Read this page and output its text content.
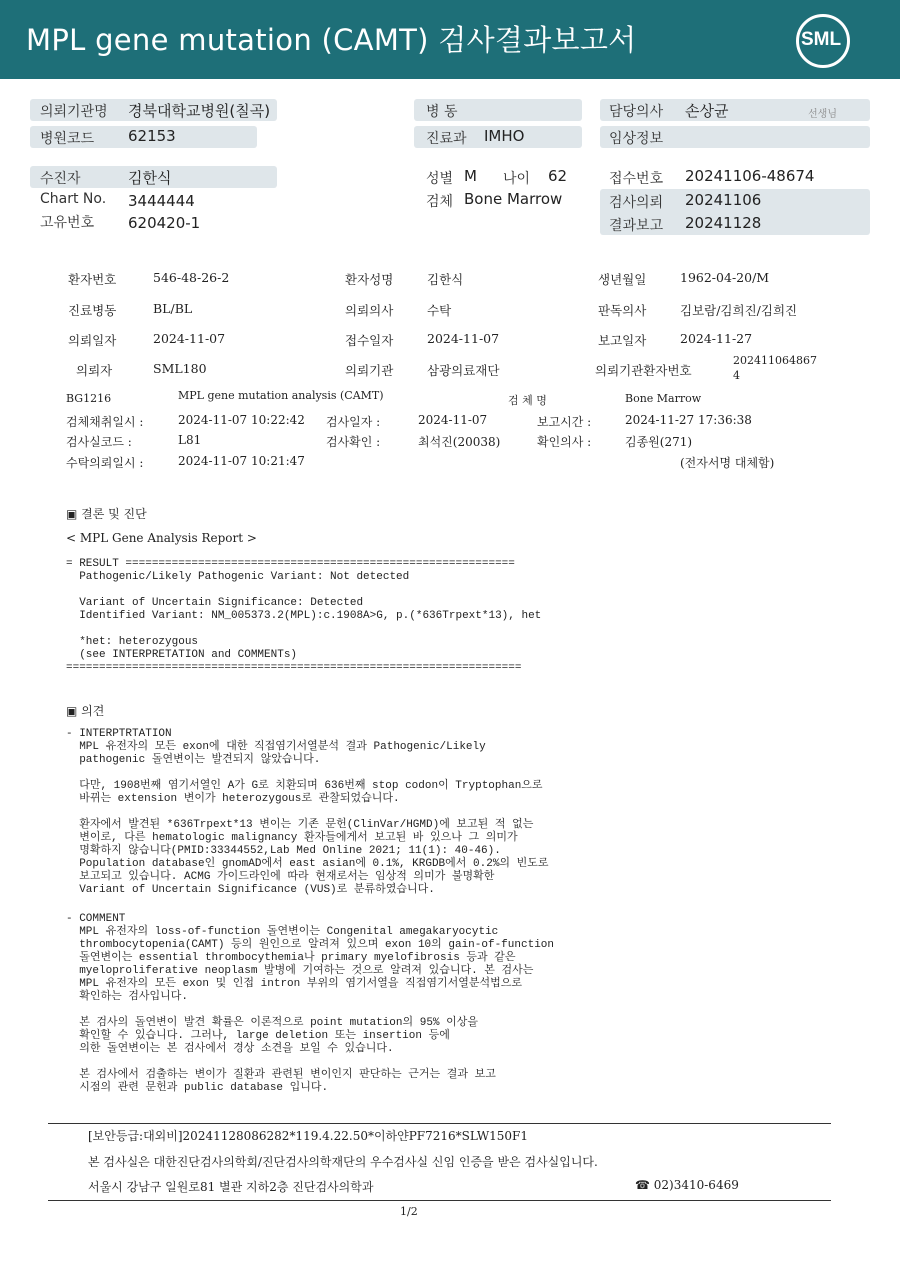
MPL gene mutation (CAMT) 검사결과보고서	SML
의뢰기관명 경북대학교병원(칠곡)	병 동	담당의사 손상균	선생님
병원코드 62153	진료과 IMHO	임상정보
수진자	김한식	성별 M 나이 62	접수번호 20241106-48674
Chart No. 3444444	검체 Bone Marrow	검사의뢰 20241106
고유번호 620420-1	결과보고 20241128
환자번호	546-48-26-2	환자성명	김한식	생년월일	1962-04-20/M
진료병동	BL/BL	의뢰의사	수탁	판독의사	김보람/김희진/김희진
의뢰일자	2024-11-07	접수일자	2024-11-07	보고일자	2024-11-27
의뢰자	SML180	의뢰기관	삼광의료재단	의뢰기관환자번호
202411064867
4
BG1216	MPL gene mutation analysis (CAMT)	검 체 명	Bone Marrow
검체채취일시 :	2024-11-07 10:22:42 검사일자 :	2024-11-07	보고시간 :	2024-11-27 17:36:38
검사실코드 :	L81	검사확인 :	최석진(20038)	확인의사 :	김종원(271)
수탁의뢰일시 :	2024-11-07 10:21:47	(전자서명 대체함)
▣ 결론 및 진단
< MPL Gene Analysis Report >
= RESULT ===========================================================
Pathogenic/Likely Pathogenic Variant: Not detected

Variant of Uncertain Significance: Detected
Identified Variant: NM_005373.2(MPL):c.1908A>G, p.(*636Trpext*13), het

*het: heterozygous
(see INTERPRETATION and COMMENTs)
=====================================================================
▣ 의견
- INTERPTRTATION
MPL 유전자의 모든 exon에 대한 직접염기서열분석 결과 Pathogenic/Likely
pathogenic 돌연변이는 발견되지 않았습니다.

다만, 1908번째 염기서열인 A가 G로 치환되며 636번째 stop codon이 Tryptophan으로
바뀌는 extension 변이가 heterozygous로 관찰되었습니다.

환자에서 발견된 *636Trpext*13 변이는 기존 문헌(ClinVar/HGMD)에 보고된 적 없는
변이로, 다른 hematologic malignancy 환자들에게서 보고된 바 있으나 그 의미가
명확하지 않습니다(PMID:33344552,Lab Med Online 2021; 11(1): 40-46).
Population database인 gnomAD에서 east asian에 0.1%, KRGDB에서 0.2%의 빈도로
보고되고 있습니다. ACMG 가이드라인에 따라 현재로서는 임상적 의미가 불명확한
Variant of Uncertain Significance (VUS)로 분류하였습니다.
- COMMENT
MPL 유전자의 loss-of-function 돌연변이는 Congenital amegakaryocytic
thrombocytopenia(CAMT) 등의 원인으로 알려져 있으며 exon 10의 gain-of-function
돌연변이는 essential thrombocythemia나 primary myelofibrosis 등과 같은
myeloproliferative neoplasm 발병에 기여하는 것으로 알려져 있습니다. 본 검사는
MPL 유전자의 모든 exon 및 인접 intron 부위의 염기서열을 직접염기서열분석법으로
확인하는 검사입니다.

본 검사의 돌연변이 발견 확률은 이론적으로 point mutation의 95% 이상을
확인할 수 있습니다. 그러나, large deletion 또는 insertion 등에
의한 돌연변이는 본 검사에서 경상 소견을 보일 수 있습니다.

본 검사에서 검출하는 변이가 질환과 관련된 변이인지 판단하는 근거는 결과 보고
시점의 관련 문헌과 public database 입니다.
[보안등급:대외비]20241128086282*119.4.22.50*이하얀PF7216*SLW150F1
본 검사실은 대한진단검사의학회/진단검사의학재단의 우수검사실 신임 인증을 받은 검사실입니다.
서울시 강남구 일원로81 별관 지하2층 진단검사의학과	☎ 02)3410-6469
1/2
